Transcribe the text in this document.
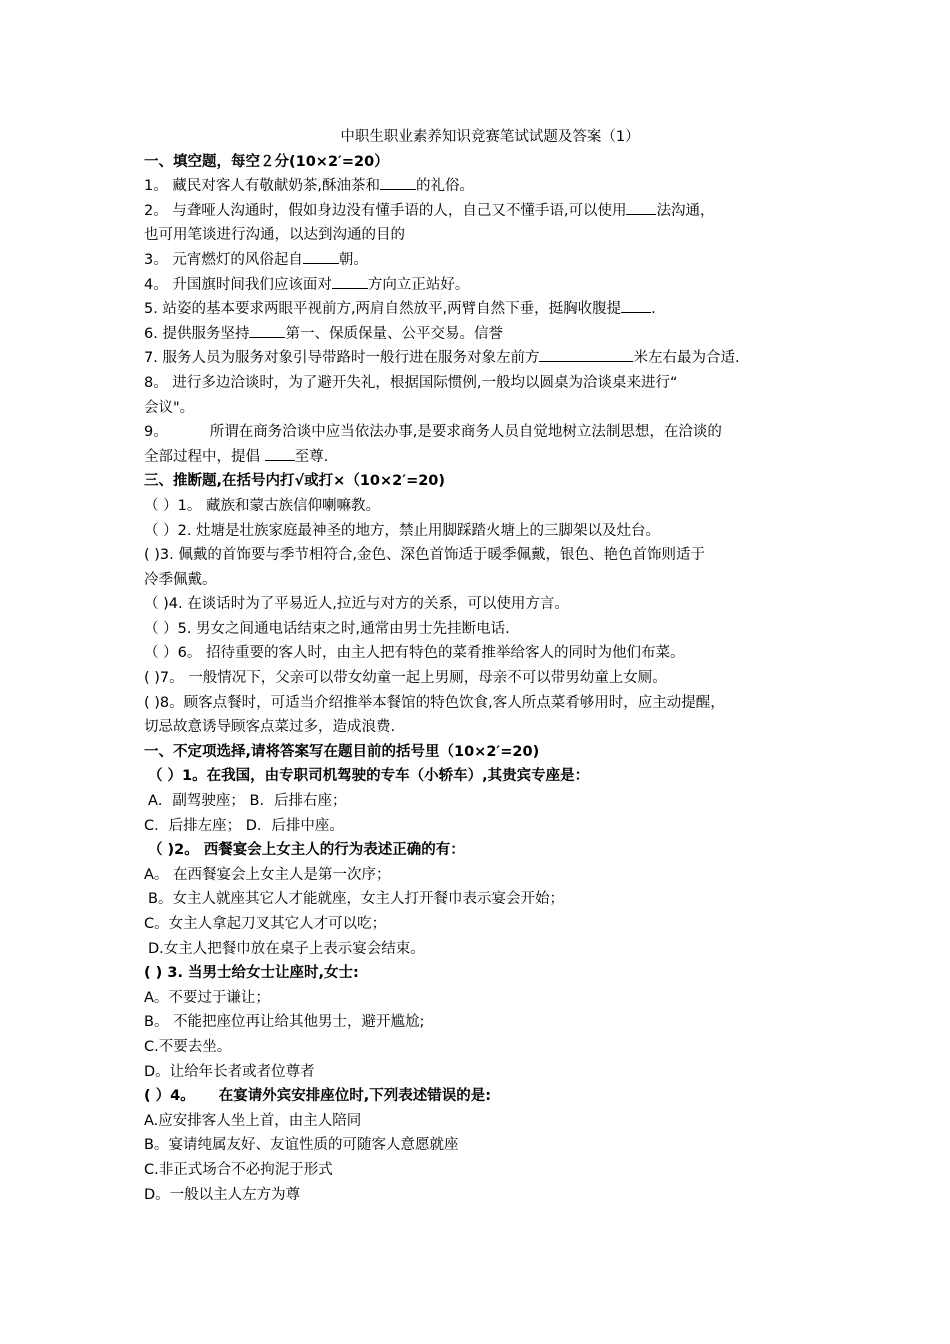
中职生职业素养知识竞赛笔试试题及答案（1）
一、填空题，每空２分(10×2′=20）
1。 藏民对客人有敬献奶茶,酥油茶和 的礼俗。
2。 与聋哑人沟通时，假如身边没有懂手语的人，自己又不懂手语,可以使用 法沟通，
也可用笔谈进行沟通，以达到沟通的目的
3。 元宵燃灯的风俗起自 朝。
4。 升国旗时间我们应该面对 方向立正站好。
5. 站姿的基本要求两眼平视前方,两肩自然放平,两臂自然下垂，挺胸收腹提 .
6. 提供服务坚持 第一、保质保量、公平交易。信誉
7. 服务人员为服务对象引导带路时一般行进在服务对象左前方	米左右最为合适.
8。 进行多边洽谈时，为了避开失礼，根据国际惯例,一般均以圆桌为洽谈桌来进行“
会议"。
9。	所谓在商务洽谈中应当依法办事,是要求商务人员自觉地树立法制思想，在洽谈的
全部过程中，提倡 至尊.
三、推断题,在括号内打√或打×（10×2′=20)
（ ）1。 藏族和蒙古族信仰喇嘛教。
（ ）2. 灶塘是壮族家庭最神圣的地方，禁止用脚踩踏火塘上的三脚架以及灶台。
( )3. 佩戴的首饰要与季节相符合,金色、深色首饰适于暖季佩戴，银色、艳色首饰则适于
冷季佩戴。
（ )4. 在谈话时为了平易近人,拉近与对方的关系，可以使用方言。
（ ）5. 男女之间通电话结束之时,通常由男士先挂断电话.
（ ）6。 招待重要的客人时，由主人把有特色的菜肴推举给客人的同时为他们布菜。
( )7。 一般情况下，父亲可以带女幼童一起上男厕，母亲不可以带男幼童上女厕。
( )8。顾客点餐时，可适当介绍推举本餐馆的特色饮食,客人所点菜肴够用时，应主动提醒，
切忌故意诱导顾客点菜过多，造成浪费.
一、不定项选择,请将答案写在题目前的括号里（10×2′=20)
（ ）1。在我国，由专职司机驾驶的专车（小轿车）,其贵宾专座是：
A．副驾驶座； B．后排右座；
C．后排左座； D．后排中座。
（ )2。 西餐宴会上女主人的行为表述正确的有：
A。 在西餐宴会上女主人是第一次序；
B。女主人就座其它人才能就座，女主人打开餐巾表示宴会开始；
C。女主人拿起刀叉其它人才可以吃；
D.女主人把餐巾放在桌子上表示宴会结束。
( ) 3. 当男士给女士让座时,女士:
A。不要过于谦让；
B。 不能把座位再让给其他男士，避开尴尬;
C.不要去坐。
D。让给年长者或者位尊者
( ）4。 在宴请外宾安排座位时,下列表述错误的是:
A.应安排客人坐上首，由主人陪同
B。宴请纯属友好、友谊性质的可随客人意愿就座
C.非正式场合不必拘泥于形式
D。一般以主人左方为尊
